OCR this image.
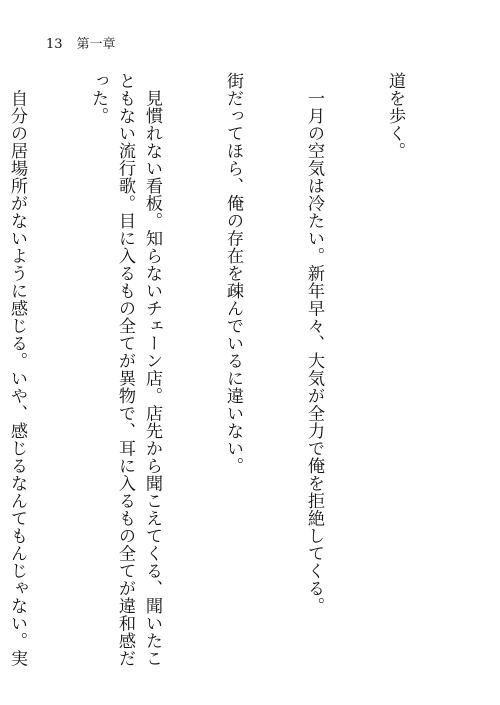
13 第一章

道を歩く。

　一月の空気は冷たい。新年早々、大気が全力で俺を拒絶してくる。

街だってほら、俺の存在を疎んでいるに違いない。

　見慣れない看板。知らないチェーン店。店先から聞こえてくる、聞いたこともない流行歌。目に入るもの全てが異物で、耳に入るもの全てが違和感だった。

　自分の居場所がないように感じる。いや、感じるなんてもんじゃない。実
